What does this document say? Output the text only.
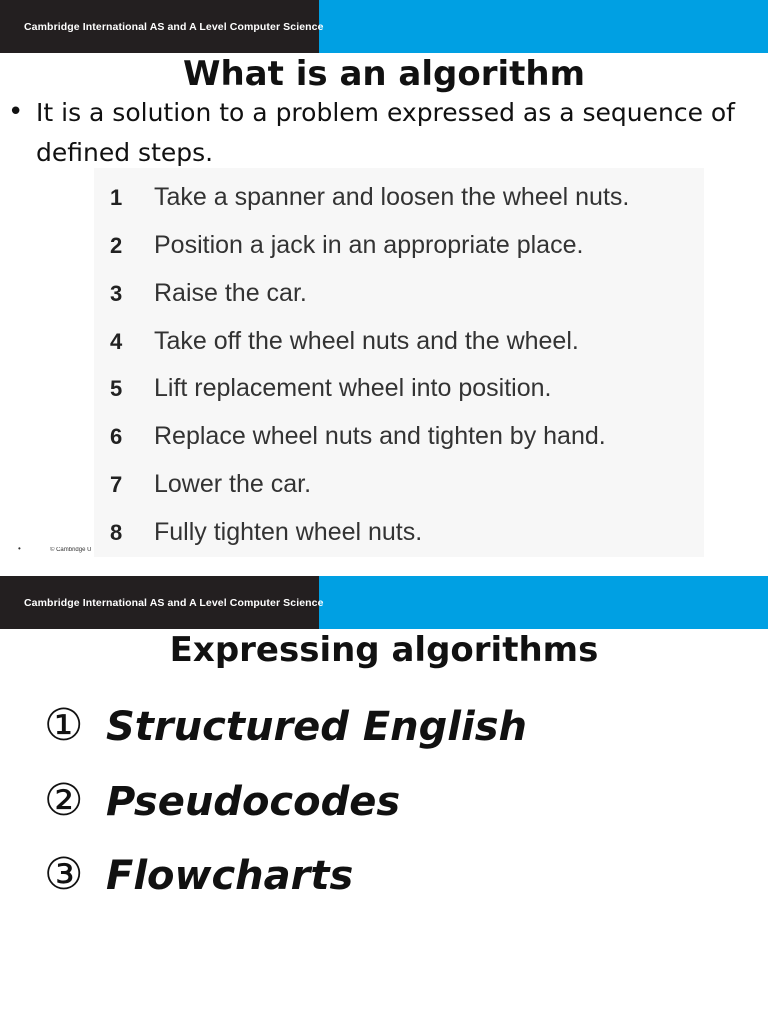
Cambridge International AS and A Level Computer Science
What is an algorithm
• It is a solution to a problem expressed as a sequence of defined steps.
1 Take a spanner and loosen the wheel nuts.
2 Position a jack in an appropriate place.
3 Raise the car.
4 Take off the wheel nuts and the wheel.
5 Lift replacement wheel into position.
6 Replace wheel nuts and tighten by hand.
7 Lower the car.
8 Fully tighten wheel nuts.
•	© Cambridge U
Cambridge International AS and A Level Computer Science
Expressing algorithms
① Structured English
② Pseudocodes
③ Flowcharts
